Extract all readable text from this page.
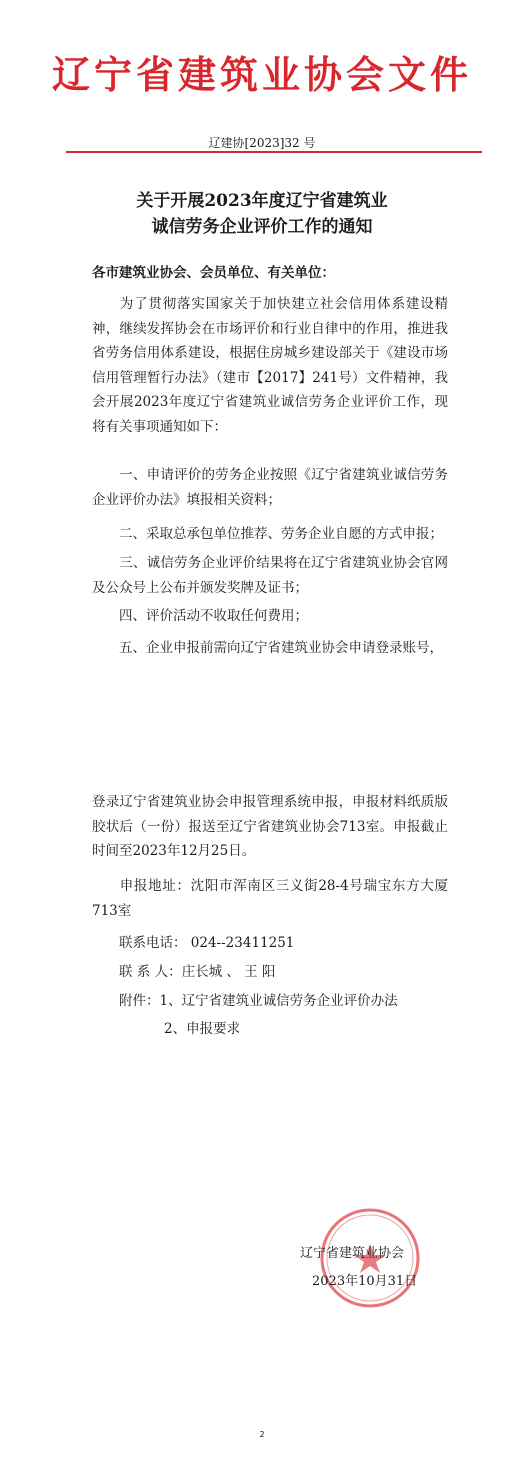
辽宁省建筑业协会文件
辽建协[2023]32 号
关于开展2023年度辽宁省建筑业
诚信劳务企业评价工作的通知
各市建筑业协会、会员单位、有关单位：
为了贯彻落实国家关于加快建立社会信用体系建设精神，继续发挥协会在市场评价和行业自律中的作用，推进我省劳务信用体系建设，根据住房城乡建设部关于《建设市场信用管理暂行办法》（建市【2017】241号）文件精神，我会开展2023年度辽宁省建筑业诚信劳务企业评价工作，现将有关事项通知如下：
一、申请评价的劳务企业按照《辽宁省建筑业诚信劳务企业评价办法》填报相关资料；
二、采取总承包单位推荐、劳务企业自愿的方式申报；
三、诚信劳务企业评价结果将在辽宁省建筑业协会官网及公众号上公布并颁发奖牌及证书；
四、评价活动不收取任何费用；
五、企业申报前需向辽宁省建筑业协会申请登录账号，
登录辽宁省建筑业协会申报管理系统申报，申报材料纸质版胶状后（一份）报送至辽宁省建筑业协会713室。申报截止时间至2023年12月25日。
申报地址：沈阳市浑南区三义街28-4号瑞宝东方大厦713室
联系电话： 024--23411251
联 系 人：庄长城 、 王 阳
附件：1、辽宁省建筑业诚信劳务企业评价办法
2、申报要求
辽宁省建筑业协会
2023年10月31日
2
